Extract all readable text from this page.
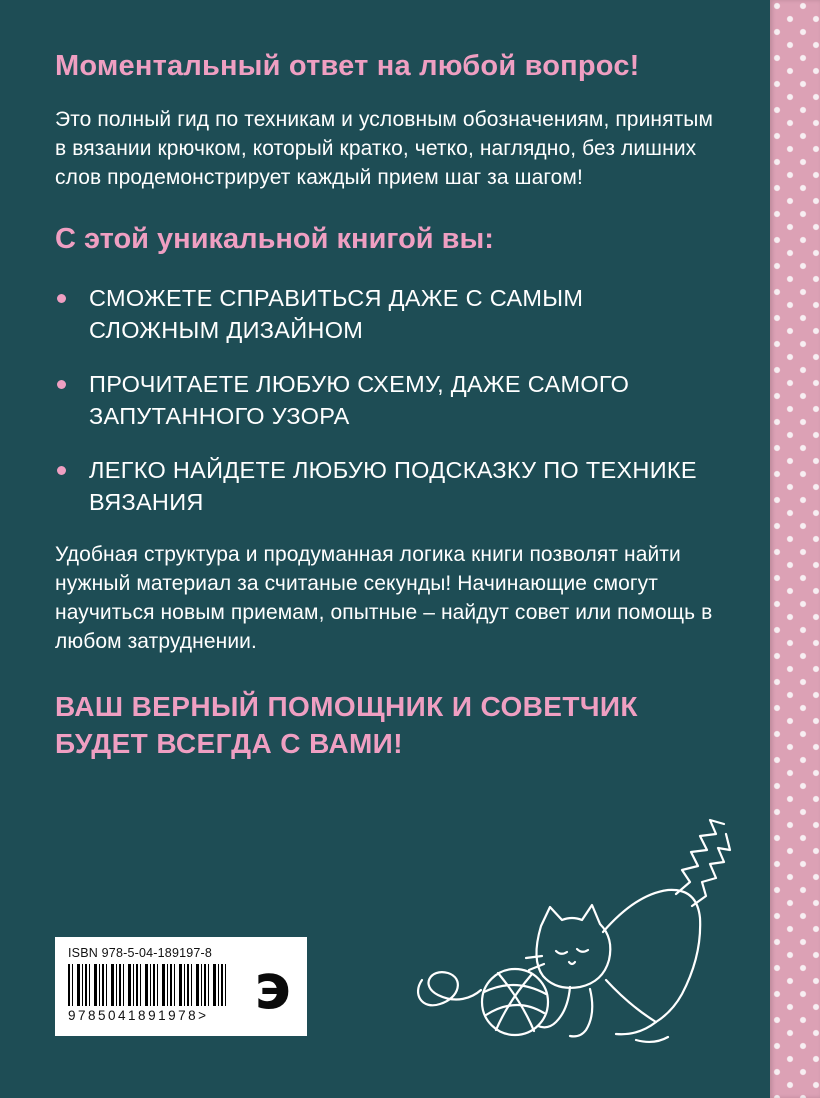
Моментальный ответ на любой вопрос!
Это полный гид по техникам и условным обозначениям, принятым в вязании крючком, который кратко, четко, наглядно, без лишних слов продемонстрирует каждый прием шаг за шагом!
С этой уникальной книгой вы:
СМОЖЕТЕ СПРАВИТЬСЯ ДАЖЕ С САМЫМ СЛОЖНЫМ ДИЗАЙНОМ
ПРОЧИТАЕТЕ ЛЮБУЮ СХЕМУ, ДАЖЕ САМОГО ЗАПУТАННОГО УЗОРА
ЛЕГКО НАЙДЕТЕ ЛЮБУЮ ПОДСКАЗКУ ПО ТЕХНИКЕ ВЯЗАНИЯ
Удобная структура и продуманная логика книги позволят найти нужный материал за считаные секунды! Начинающие смогут научиться новым приемам, опытные – найдут совет или помощь в любом затруднении.
ВАШ ВЕРНЫЙ ПОМОЩНИК И СОВЕТЧИК
БУДЕТ ВСЕГДА С ВАМИ!
ISBN 978-5-04-189197-8
9785041891978> э
